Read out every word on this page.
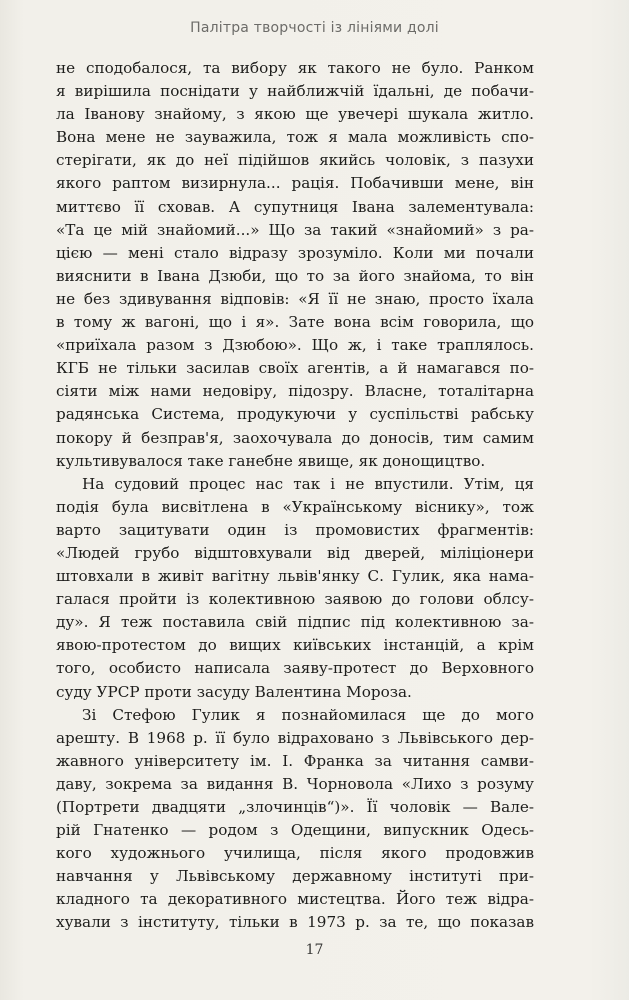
Палітра творчості із лініями долі
не сподобалося, та вибору як такого не було. Ранком
я вирішила поснідати у найближчій їдальні, де побачи-
ла Іванову знайому, з якою ще увечері шукала житло.
Вона мене не зауважила, тож я мала можливість спо-
стерігати, як до неї підійшов якийсь чоловік, з пазухи
якого раптом визирнула... рація. Побачивши мене, він
миттєво її сховав. А супутниця Івана залементувала:
«Та це мій знайомий...» Що за такий «знайомий» з ра-
цією — мені стало відразу зрозуміло. Коли ми почали
вияснити в Івана Дзюби, що то за його знайома, то він
не без здивування відповів: «Я її не знаю, просто їхала
в тому ж вагоні, що і я». Зате вона всім говорила, що
«приїхала разом з Дзюбою». Що ж, і таке траплялось.
КГБ не тільки засилав своїх агентів, а й намагався по-
сіяти між нами недовіру, підозру. Власне, тоталітарна
радянська Система, продукуючи у суспільстві рабську
покору й безправ'я, заохочувала до доносів, тим самим
культивувалося таке ганебне явище, як донощицтво.
На судовий процес нас так і не впустили. Утім, ця
подія була висвітлена в «Українському віснику», тож
варто зацитувати один із промовистих фрагментів:
«Людей грубо відштовхували від дверей, міліціонери
штовхали в живіт вагітну львів'янку С. Гулик, яка нама-
галася пройти із колективною заявою до голови облсу-
ду». Я теж поставила свій підпис під колективною за-
явою-протестом до вищих київських інстанцій, а крім
того, особисто написала заяву-протест до Верховного
суду УРСР проти засуду Валентина Мороза.
Зі Стефою Гулик я познайомилася ще до мого
арешту. В 1968 р. її було відраховано з Львівського дер-
жавного університету ім. І. Франка за читання самви-
даву, зокрема за видання В. Чорновола «Лихо з розуму
(Портрети двадцяти „злочинців“)». Її чоловік — Вале-
рій Гнатенко — родом з Одещини, випускник Одесь-
кого художнього училища, після якого продовжив
навчання у Львівському державному інституті при-
кладного та декоративного мистецтва. Його теж відра-
хували з інституту, тільки в 1973 р. за те, що показав
17
